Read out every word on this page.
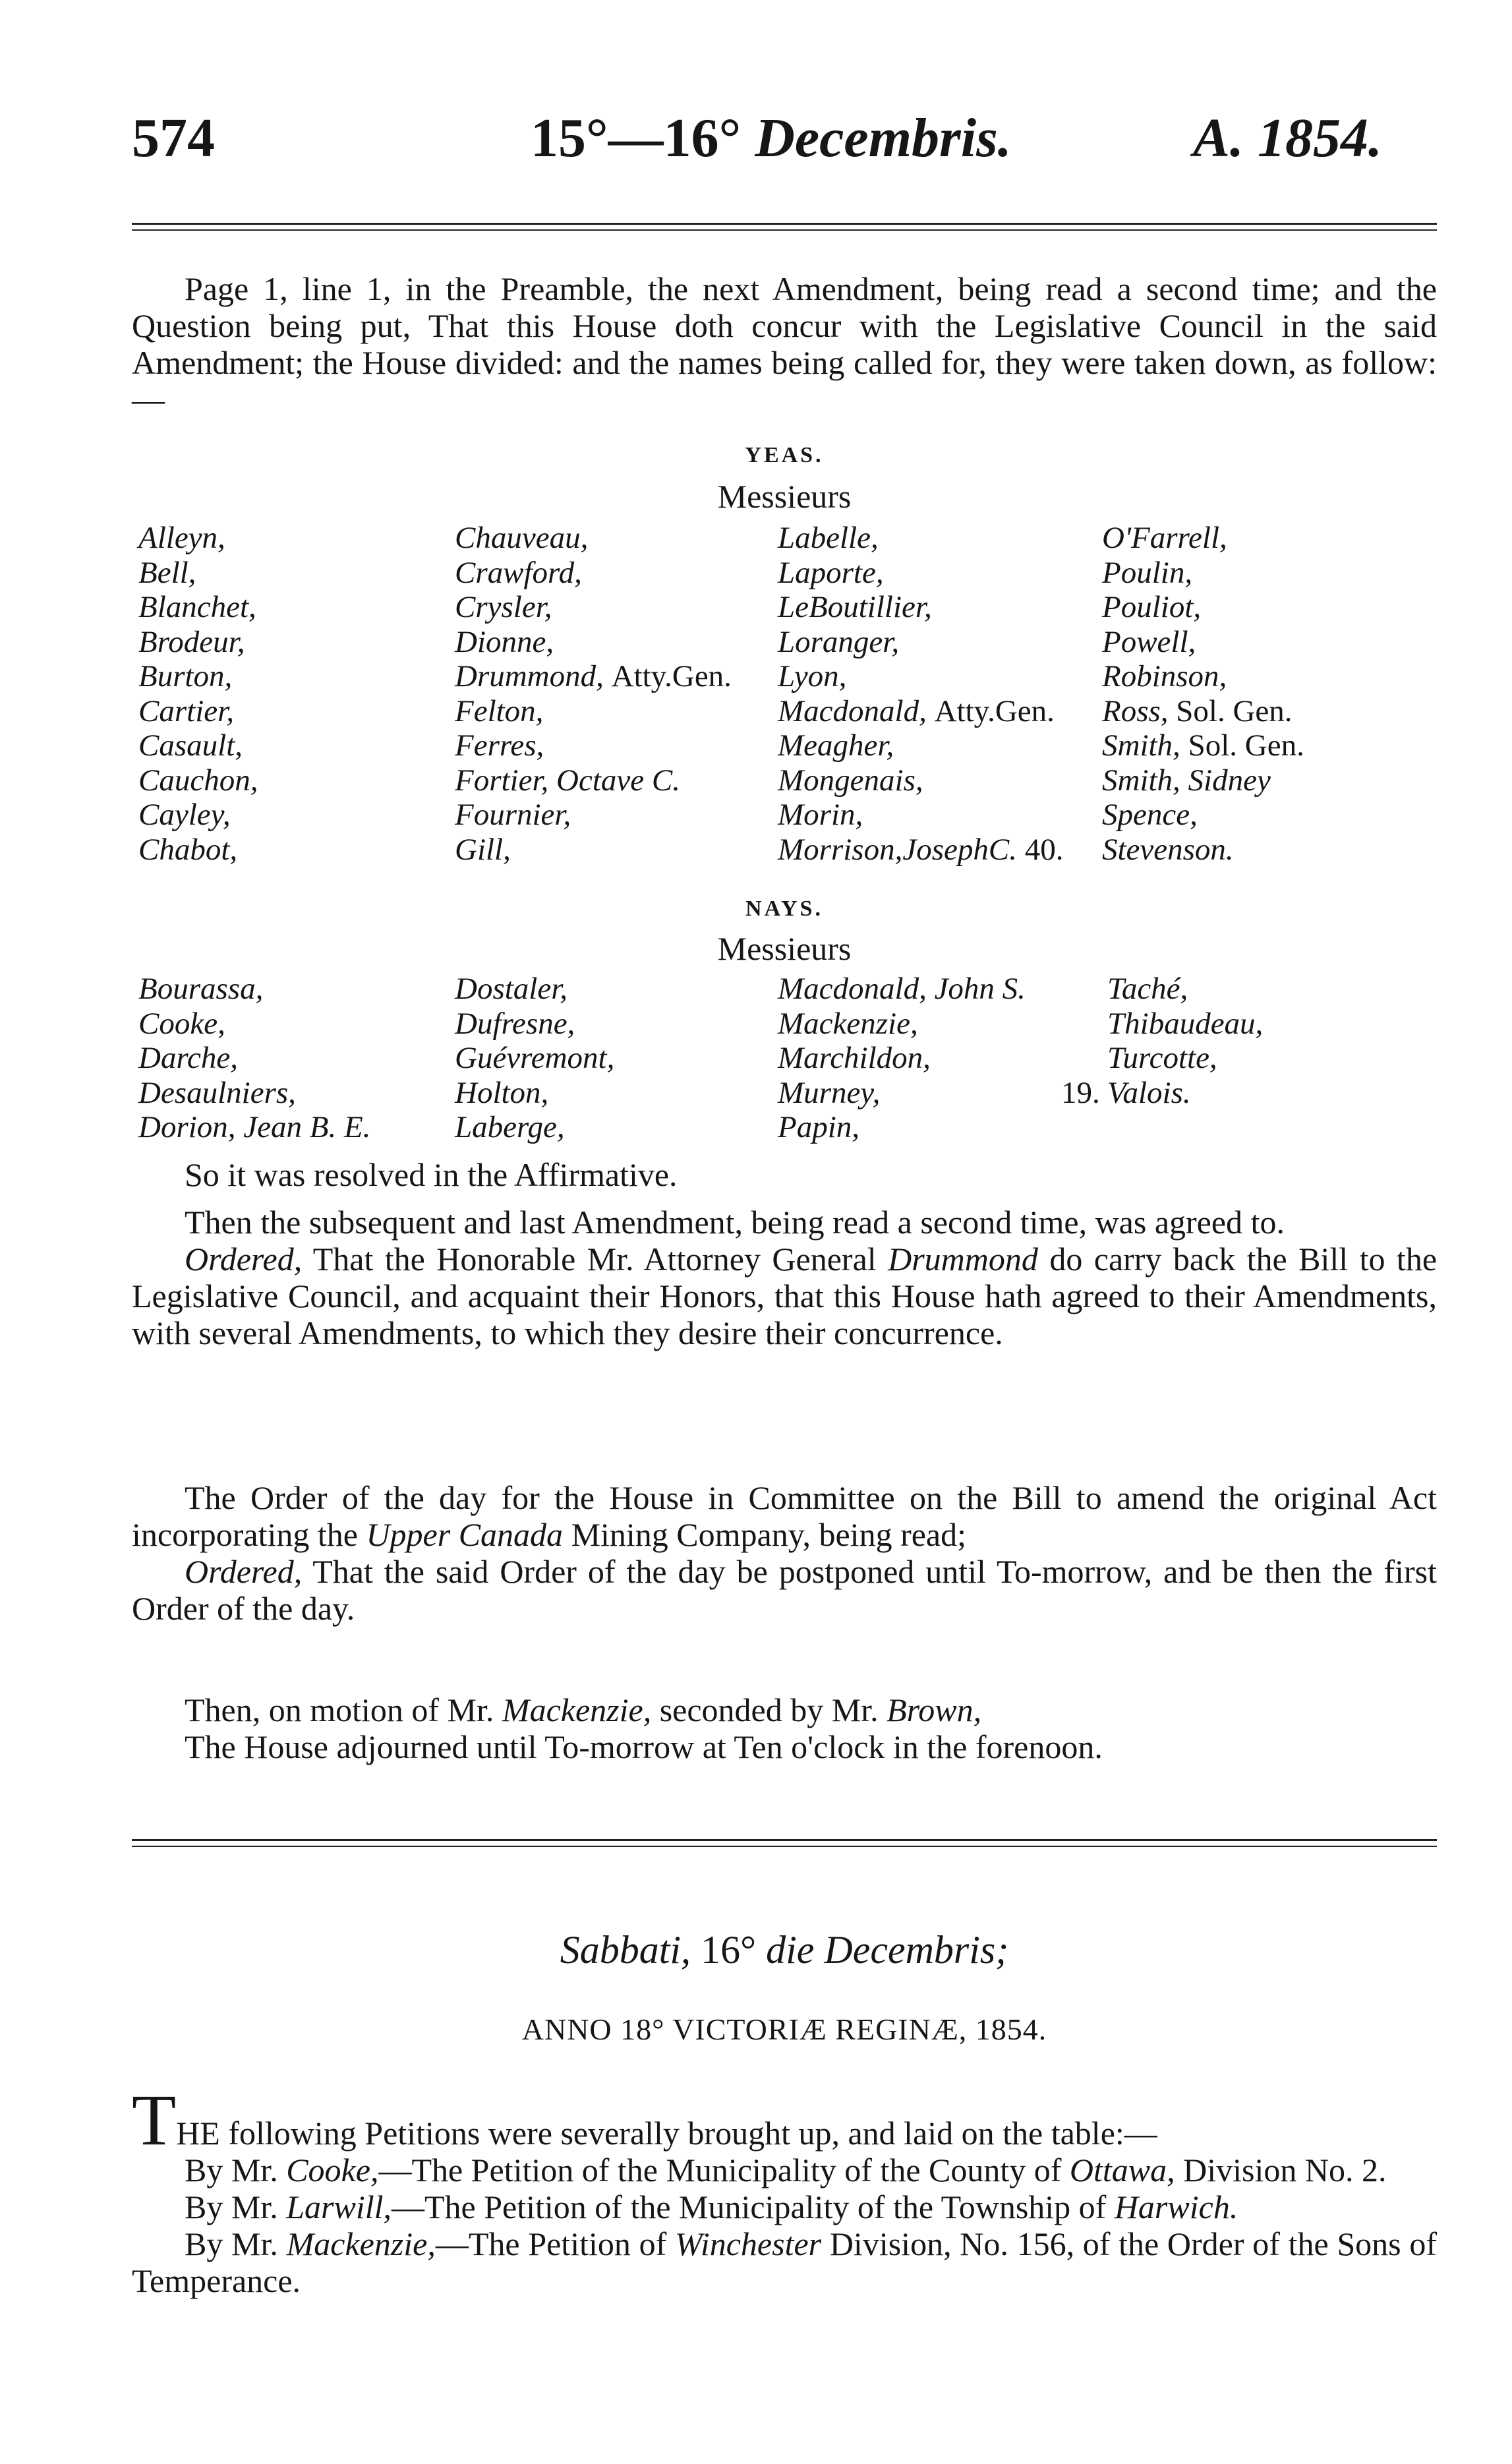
574	15°—16° Decembris.	A. 1854.

Page 1, line 1, in the Preamble, the next Amendment, being read a second time; and the Question being put, That this House doth concur with the Legislative Council in the said Amendment; the House divided: and the names being called for, they were taken down, as follow:—

YEAS.
Messieurs
Alleyn,
Bell,
Blanchet,
Brodeur,
Burton,
Cartier,
Casault,
Cauchon,
Cayley,
Chabot,
Chauveau,
Crawford,
Crysler,
Dionne,
Drummond, Atty.Gen.
Felton,
Ferres,
Fortier, Octave C.
Fournier,
Gill,
Labelle,
Laporte,
LeBoutillier,
Loranger,
Lyon,
Macdonald, Atty.Gen.
Meagher,
Mongenais,
Morin,
Morrison,JosephC. 40.
O'Farrell,
Poulin,
Pouliot,
Powell,
Robinson,
Ross, Sol. Gen.
Smith, Sol. Gen.
Smith, Sidney
Spence,
Stevenson.
NAYS.
Messieurs
Bourassa,
Cooke,
Darche,
Desaulniers,
Dorion, Jean B. E.
Dostaler,
Dufresne,
Guévremont,
Holton,
Laberge,
Macdonald, John S.
Mackenzie,
Marchildon,
Murney,
Papin,
Taché,
Thibaudeau,
Turcotte,
19. Valois.

So it was resolved in the Affirmative.

Then the subsequent and last Amendment, being read a second time, was agreed to.

Ordered, That the Honorable Mr. Attorney General Drummond do carry back the Bill to the Legislative Council, and acquaint their Honors, that this House hath agreed to their Amendments, with several Amendments, to which they desire their concurrence.

The Order of the day for the House in Committee on the Bill to amend the original Act incorporating the Upper Canada Mining Company, being read;

Ordered, That the said Order of the day be postponed until To-morrow, and be then the first Order of the day.

Then, on motion of Mr. Mackenzie, seconded by Mr. Brown,

The House adjourned until To-morrow at Ten o'clock in the forenoon.

Sabbati, 16° die Decembris;
ANNO 18° VICTORIÆ REGINÆ, 1854.

THE following Petitions were severally brought up, and laid on the table:—

By Mr. Cooke,—The Petition of the Municipality of the County of Ottawa, Division No. 2.

By Mr. Larwill,—The Petition of the Municipality of the Township of Harwich.

By Mr. Mackenzie,—The Petition of Winchester Division, No. 156, of the Order of the Sons of Temperance.
